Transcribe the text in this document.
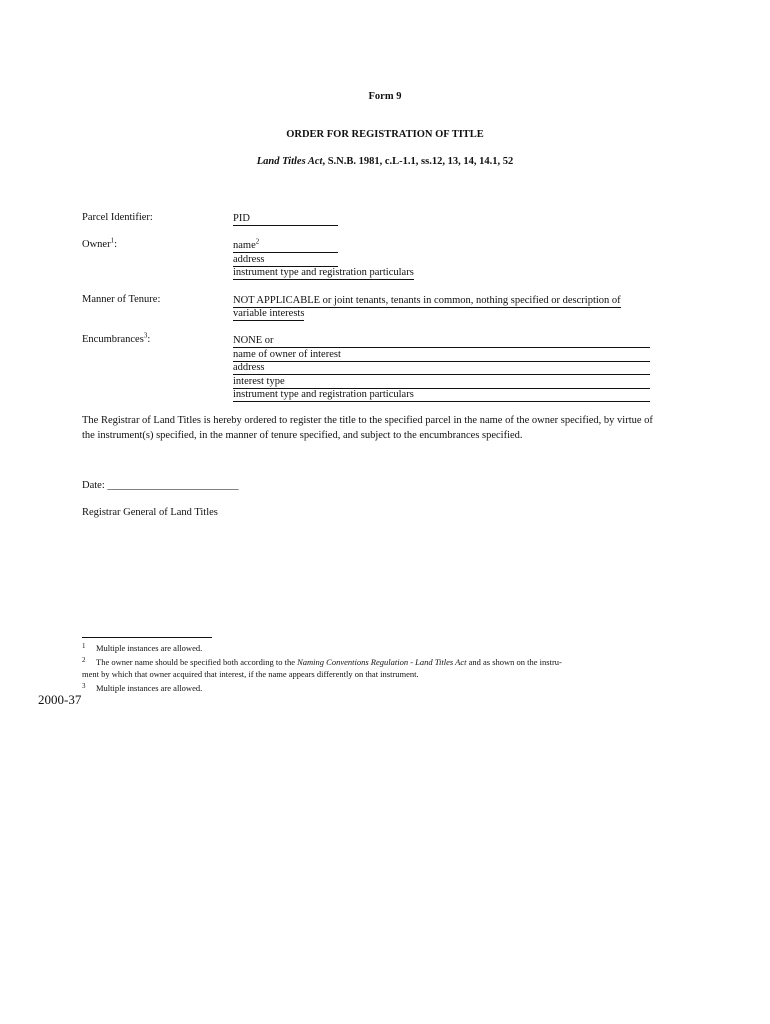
Form 9
ORDER FOR REGISTRATION OF TITLE
Land Titles Act, S.N.B. 1981, c.L-1.1, ss.12, 13, 14, 14.1, 52
Parcel Identifier:	PID
Owner$^1$:	name$^2$
address
instrument type and registration particulars
Manner of Tenure:	NOT APPLICABLE or joint tenants, tenants in common, nothing specified or description of
variable interests
Encumbrances$^3$:	NONE or
name of owner of interest
address
interest type
instrument type and registration particulars
The Registrar of Land Titles is hereby ordered to register the title to the specified parcel in the name of the owner specified, by virtue of the instrument(s) specified, in the manner of tenure specified, and subject to the encumbrances specified.
Date: _________________________
Registrar General of Land Titles
1 Multiple instances are allowed.
2 The owner name should be specified both according to the Naming Conventions Regulation - Land Titles Act and as shown on the instru-
ment by which that owner acquired that interest, if the name appears differently on that instrument.
3 Multiple instances are allowed.
2000-37
